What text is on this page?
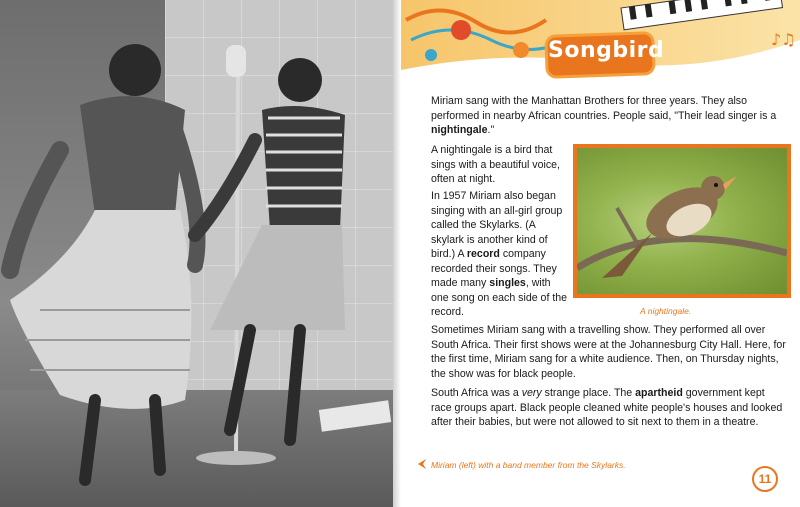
♪♫
Songbird
Miriam sang with the Manhattan Brothers for three years. They also performed in nearby African countries. People said, "Their lead singer is a nightingale."
A nightingale is a bird that sings with a beautiful voice, often at night.
In 1957 Miriam also began singing with an all-girl group called the Skylarks. (A skylark is another kind of bird.) A record company recorded their songs. They made many singles, with one song on each side of the record.	A nightingale.
Sometimes Miriam sang with a travelling show. They performed all over South Africa. Their first shows were at the Johannesburg City Hall. Here, for the first time, Miriam sang for a white audience. Then, on Thursday nights, the show was for black people.
South Africa was a very strange place. The apartheid government kept race groups apart. Black people cleaned white people's houses and looked after their babies, but were not allowed to sit next to them in a theatre.
Miriam (left) with a band member from the Skylarks.
11
